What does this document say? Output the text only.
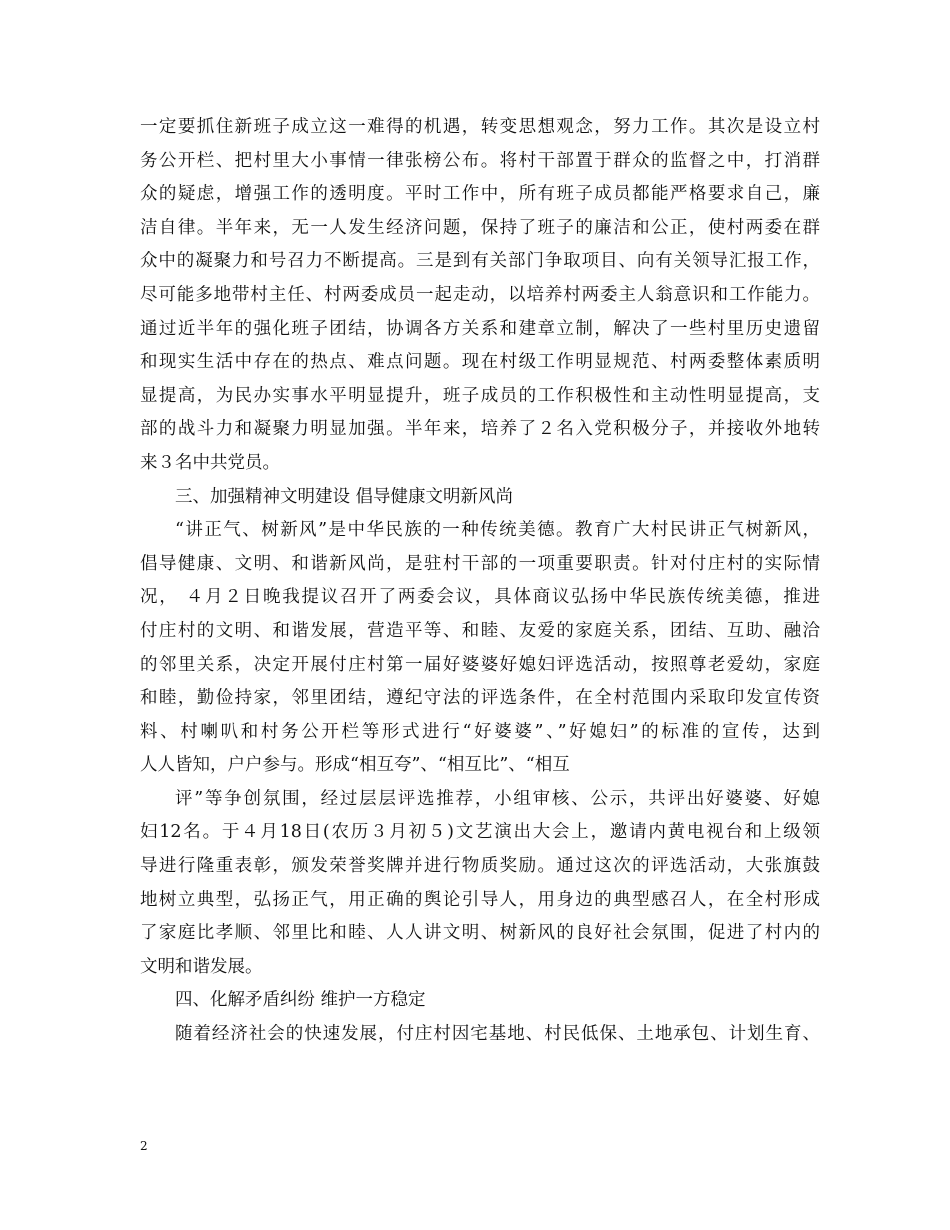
一定要抓住新班子成立这一难得的机遇，转变思想观念，努力工作。其次是设立村
务公开栏、把村里大小事情一律张榜公布。将村干部置于群众的监督之中，打消群
众的疑虑，增强工作的透明度。平时工作中，所有班子成员都能严格要求自己，廉
洁自律。半年来，无一人发生经济问题，保持了班子的廉洁和公正，使村两委在群
众中的凝聚力和号召力不断提高。三是到有关部门争取项目、向有关领导汇报工作，
尽可能多地带村主任、村两委成员一起走动，以培养村两委主人翁意识和工作能力。
通过近半年的强化班子团结，协调各方关系和建章立制，解决了一些村里历史遗留
和现实生活中存在的热点、难点问题。现在村级工作明显规范、村两委整体素质明
显提高，为民办实事水平明显提升，班子成员的工作积极性和主动性明显提高，支
部的战斗力和凝聚力明显加强。半年来，培养了２名入党积极分子，并接收外地转
来３名中共党员。
三、加强精神文明建设 倡导健康文明新风尚
“讲正气、树新风”是中华民族的一种传统美德。教育广大村民讲正气树新风，
倡导健康、文明、和谐新风尚，是驻村干部的一项重要职责。针对付庄村的实际情
况， ４月２日晚我提议召开了两委会议，具体商议弘扬中华民族传统美德，推进
付庄村的文明、和谐发展，营造平等、和睦、友爱的家庭关系，团结、互助、融洽
的邻里关系，决定开展付庄村第一届好婆婆好媳妇评选活动，按照尊老爱幼，家庭
和睦，勤俭持家，邻里团结，遵纪守法的评选条件，在全村范围内采取印发宣传资
料、村喇叭和村务公开栏等形式进行“好婆婆”、”好媳妇”的标准的宣传，达到
人人皆知，户户参与。形成“相互夸”、“相互比”、“相互
评”等争创氛围，经过层层评选推荐，小组审核、公示，共评出好婆婆、好媳
妇12名。于４月18日(农历３月初５)文艺演出大会上，邀请内黄电视台和上级领
导进行隆重表彰，颁发荣誉奖牌并进行物质奖励。通过这次的评选活动，大张旗鼓
地树立典型，弘扬正气，用正确的舆论引导人，用身边的典型感召人，在全村形成
了家庭比孝顺、邻里比和睦、人人讲文明、树新风的良好社会氛围，促进了村内的
文明和谐发展。
四、化解矛盾纠纷 维护一方稳定
随着经济社会的快速发展，付庄村因宅基地、村民低保、土地承包、计划生育、
2
